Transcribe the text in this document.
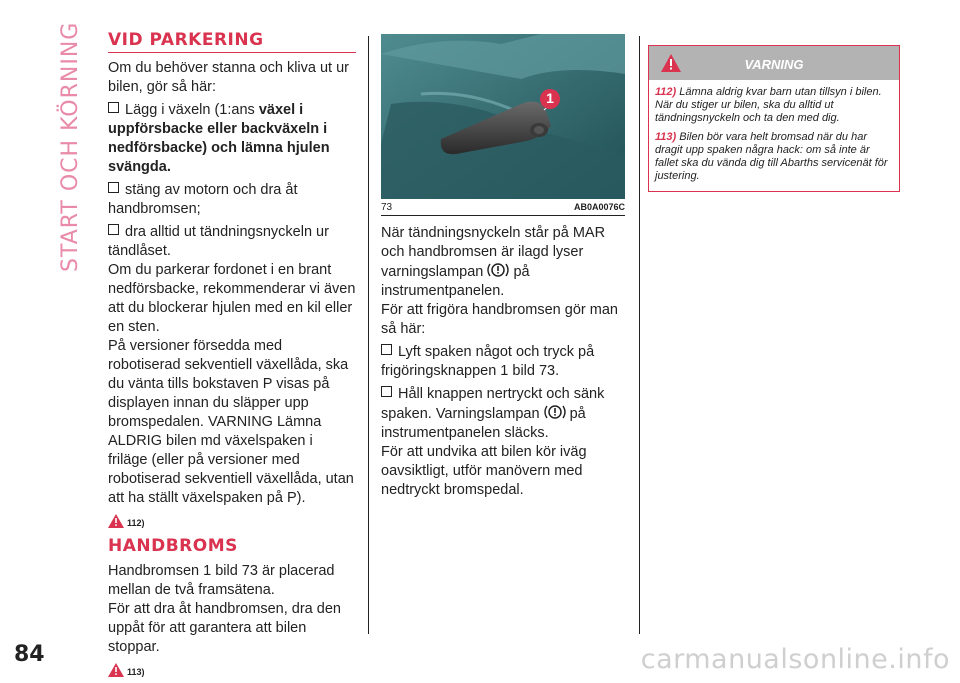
START OCH KÖRNING
84	carmanualsonline.info
VID PARKERING

Om du behöver stanna och kliva ut ur bilen, gör så här:

Lägg i växeln (1:ans växel i uppförsbacke eller backväxeln i nedförsbacke) och lämna hjulen svängda.
stäng av motorn och dra åt handbromsen;
dra alltid ut tändningsnyckeln ur tändlåset.

Om du parkerar fordonet i en brant nedförsbacke, rekommenderar vi även att du blockerar hjulen med en kil eller en sten.

På versioner försedda med robotiserad sekventiell växellåda, ska du vänta tills bokstaven P visas på displayen innan du släpper upp bromspedalen. VARNING Lämna ALDRIG bilen md växelspaken i friläge (eller på versioner med robotiserad sekventiell växellåda, utan att ha ställt växelspaken på P).

112)
HANDBROMS

Handbromsen 1 bild 73 är placerad mellan de två framsätena.

För att dra åt handbromsen, dra den uppåt för att garantera att bilen stoppar.

113)
1
73	AB0A0076C

När tändningsnyckeln står på MAR och handbromsen är ilagd lyser varningslampan på instrumentpanelen.

För att frigöra handbromsen gör man så här:

Lyft spaken något och tryck på frigöringsknappen 1 bild 73.
Håll knappen nertryckt och sänk spaken. Varningslampan på instrumentpanelen släcks.

För att undvika att bilen kör iväg oavsiktligt, utför manövern med nedtryckt bromspedal.

VARNING

112) Lämna aldrig kvar barn utan tillsyn i bilen. När du stiger ur bilen, ska du alltid ut tändningsnyckeln och ta den med dig.

113) Bilen bör vara helt bromsad när du har dragit upp spaken några hack: om så inte är fallet ska du vända dig till Abarths servicenät för justering.
